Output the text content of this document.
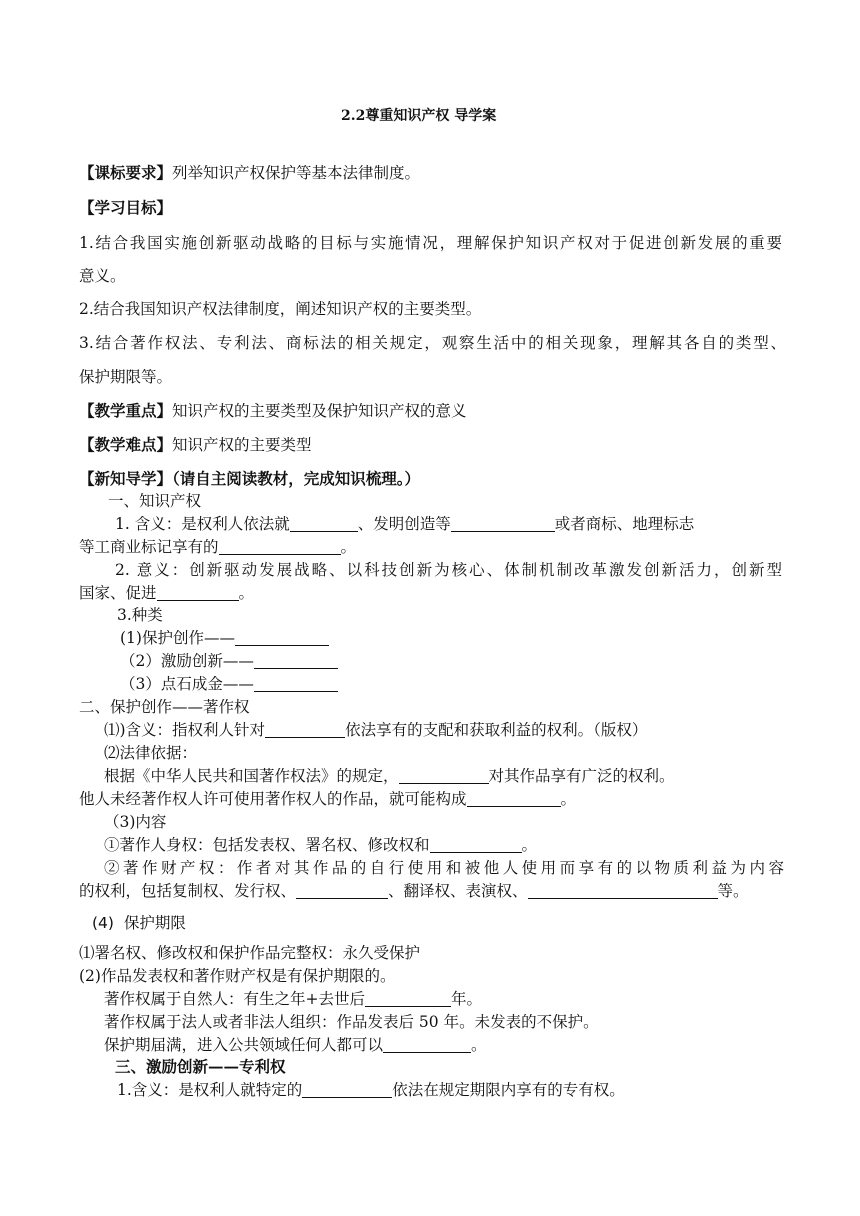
2.2尊重知识产权 导学案
【课标要求】列举知识产权保护等基本法律制度。
【学习目标】
1.结合我国实施创新驱动战略的目标与实施情况，理解保护知识产权对于促进创新发展的重要
意义。
2.结合我国知识产权法律制度，阐述知识产权的主要类型。
3.结合著作权法、专利法、商标法的相关规定，观察生活中的相关现象，理解其各自的类型、
保护期限等。
【教学重点】知识产权的主要类型及保护知识产权的意义
【教学难点】知识产权的主要类型
【新知导学】（请自主阅读教材，完成知识梳理。）
一、知识产权
1. 含义：是权利人依法就	、发明创造等	或者商标、地理标志
等工商业标记享有的	。
2. 意义：创新驱动发展战略、以科技创新为核心、体制机制改革激发创新活力，创新型
国家、促进	。
3.种类
(1)保护创作——
（2）激励创新——
（3）点石成金——
二、保护创作——著作权
⑴)含义：指权利人针对	依法享有的支配和获取利益的权利。（版权）
⑵法律依据：
根据《中华人民共和国著作权法》的规定，	对其作品享有广泛的权利。
他人未经著作权人许可使用著作权人的作品，就可能构成	。
（3)内容
①著作人身权：包括发表权、署名权、修改权和	。
②著作财产权：作者对其作品的自行使用和被他人使用而享有的以物质利益为内容
的权利，包括复制权、发行权、	、翻译权、表演权、	等。
(4) 保护期限
⑴署名权、修改权和保护作品完整权：永久受保护
(2)作品发表权和著作财产权是有保护期限的。
著作权属于自然人：有生之年+去世后	年。
著作权属于法人或者非法人组织：作品发表后 50 年。未发表的不保护。
保护期届满，进入公共领域任何人都可以	。
三、激励创新——专利权
1.含义：是权利人就特定的	依法在规定期限内享有的专有权。
